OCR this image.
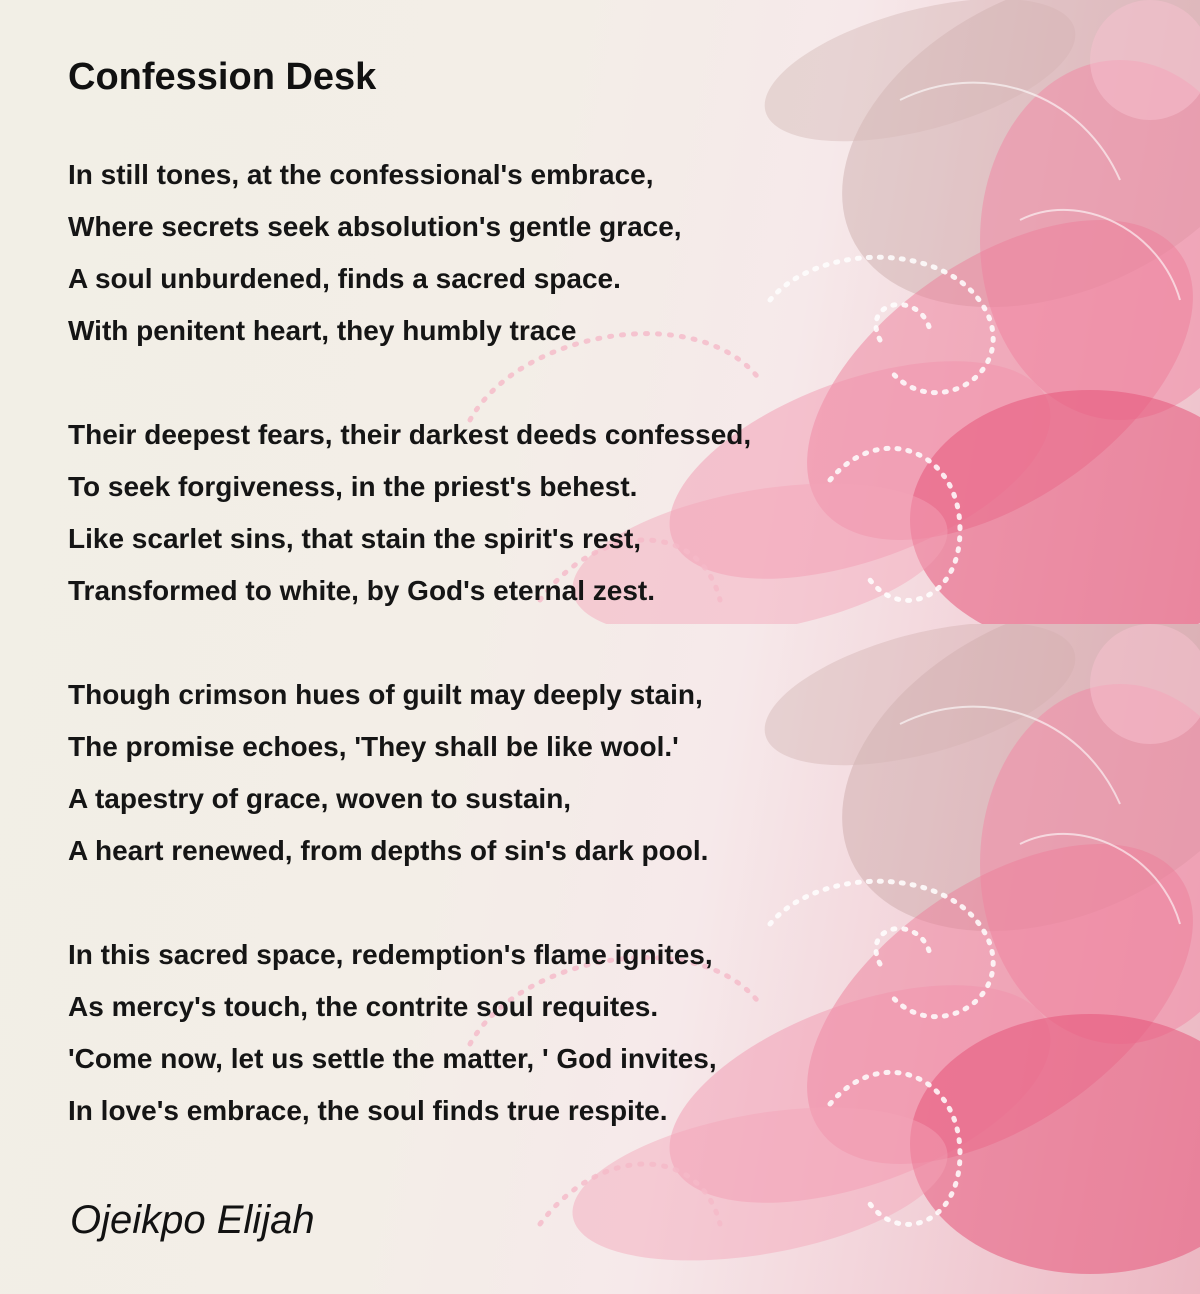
Confession Desk
In still tones, at the confessional's embrace,
Where secrets seek absolution's gentle grace,
A soul unburdened, finds a sacred space.
With penitent heart, they humbly trace
Their deepest fears, their darkest deeds confessed,
To seek forgiveness, in the priest's behest.
Like scarlet sins, that stain the spirit's rest,
Transformed to white, by God's eternal zest.
Though crimson hues of guilt may deeply stain,
The promise echoes, 'They shall be like wool.'
A tapestry of grace, woven to sustain,
A heart renewed, from depths of sin's dark pool.
In this sacred space, redemption's flame ignites,
As mercy's touch, the contrite soul requites.
'Come now, let us settle the matter, ' God invites,
In love's embrace, the soul finds true respite.
Ojeikpo Elijah
